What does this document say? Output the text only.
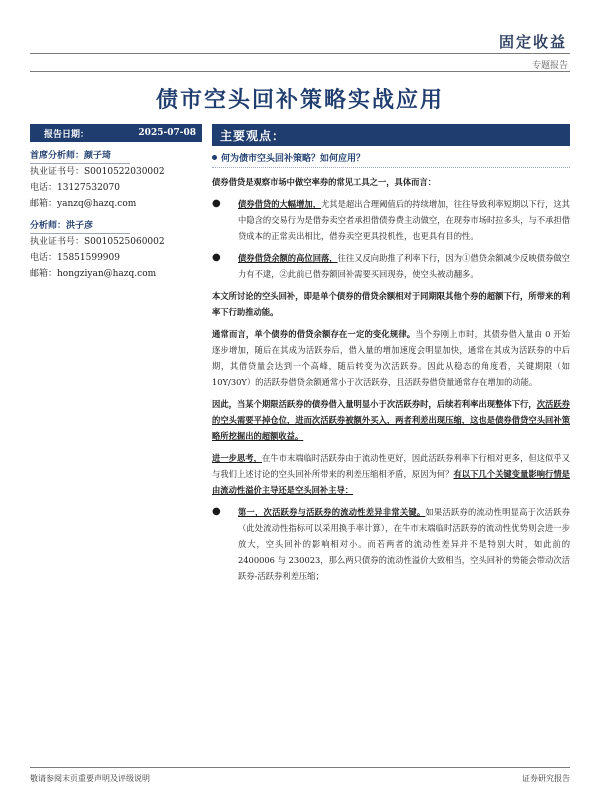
固定收益
专题报告
债市空头回补策略实战应用
报告日期：	2025-07-08
首席分析师：颜子琦
执业证书号：S0010522030002
电话：13127532070
邮箱：yanzq@hazq.com
分析师：洪子彦
执业证书号：S0010525060002
电话：15851599909
邮箱：hongziyan@hazq.com
主要观点：
何为债市空头回补策略？如何应用？
债券借贷是观察市场中做空率券的常见工具之一，具体而言：
●	债券借贷的大幅增加，尤其是超出合理阈值后的持续增加，往往导致利率短期以下行，这其中隐含的交易行为是借券卖空者承担借债券费主动做空，在现券市场时拉多头，与不承担借贷成本的正常卖出相比，借券卖空更具投机性，也更具有目的性。
●	债券借贷余额的高位回落，往往又反向助推了利率下行，因为①借贷余额减少反映债券做空力有不逮，②此前已借券额回补需要买回现券，使空头被动翻多。
本文所讨论的空头回补，即是单个债券的借贷余额相对于同期限其他个券的超额下行，所带来的利率下行助推动能。
通常而言，单个债券的借贷余额存在一定的变化规律。当个券刚上市时，其债券借入量由 0 开始逐步增加，随后在其成为活跃券后，借入量的增加速度会明显加快，通常在其成为活跃券的中后期，其借贷量会达到一个高峰，随后转变为次活跃券。因此从稳态的角度看，关键期限（如 10Y/30Y）的活跃券借贷余额通常小于次活跃券，且活跃券借贷量通常存在增加的动能。
因此，当某个期限活跃券的债券借入量明显小于次活跃券时，后续若利率出现整体下行，次活跃券的空头需要平掉仓位，进而次活跃券被额外买入，两者利差出现压缩，这也是债券借贷空头回补策略所挖掘出的超额收益。
进一步思考，在牛市末端临时活跃券由于流动性更好，因此活跃券利率下行相对更多，但这似乎又与我们上述讨论的空头回补所带来的利差压缩相矛盾，原因为何？有以下几个关键变量影响行情是由流动性溢价主导还是空头回补主导：
●	第一，次活跃券与活跃券的流动性差异非常关键。如果活跃券的流动性明显高于次活跃券（此处流动性指标可以采用换手率计算），在牛市末端临时活跃券的流动性优势则会进一步放大，空头回补的影响相对小。而若两者的流动性差异并不是特别大时，如此前的 2400006 与 230023，那么两只债券的流动性溢价大致相当，空头回补的势能会带动次活跃券-活跃券利差压缩；
敬请参阅末页重要声明及评级说明	证券研究报告
